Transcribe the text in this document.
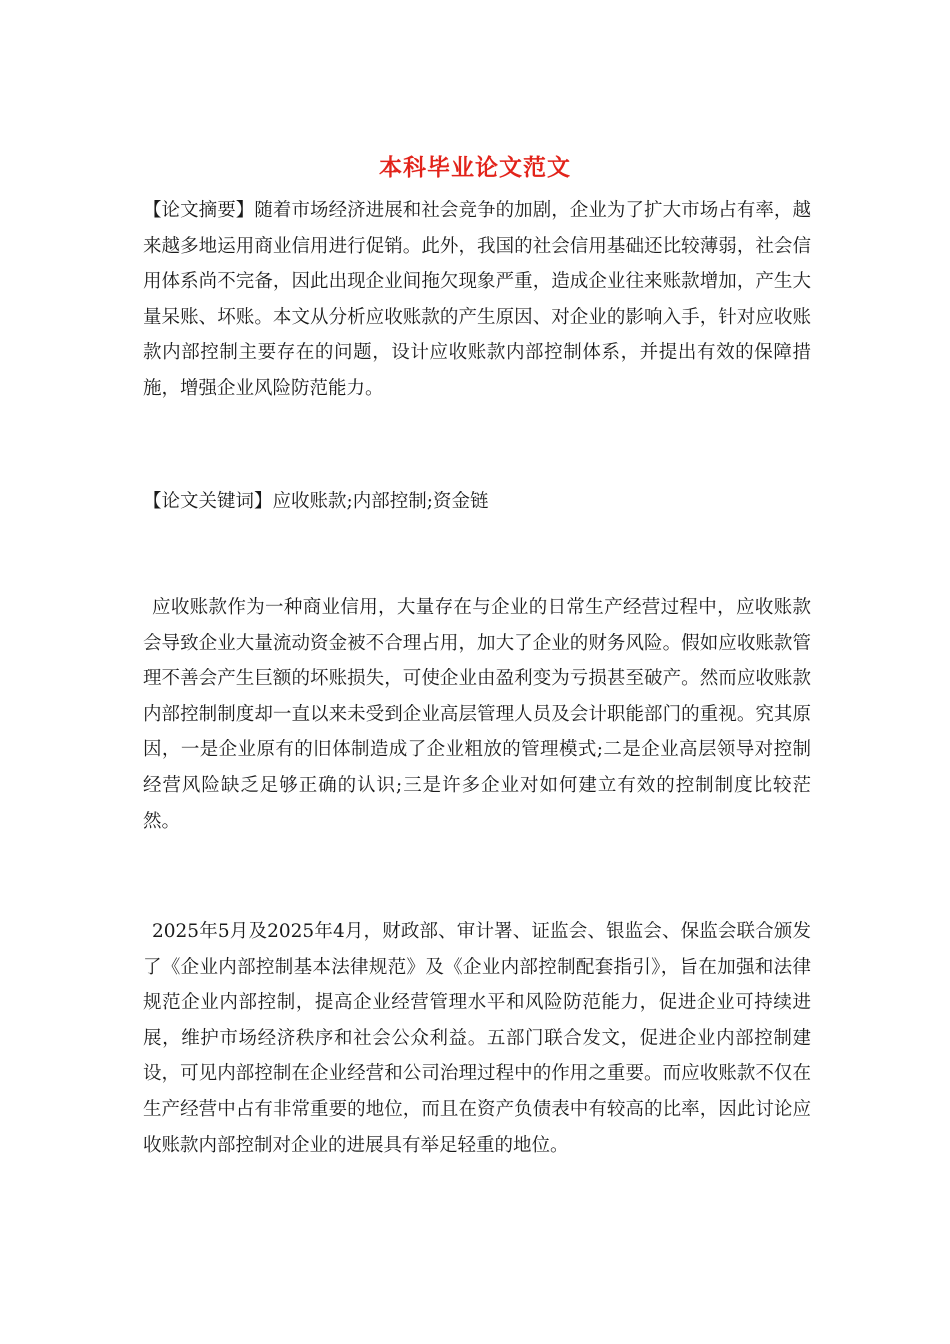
本科毕业论文范文
【论文摘要】随着市场经济进展和社会竞争的加剧，企业为了扩大市场占有率，越来越多地运用商业信用进行促销。此外，我国的社会信用基础还比较薄弱，社会信用体系尚不完备，因此出现企业间拖欠现象严重，造成企业往来账款增加，产生大量呆账、坏账。本文从分析应收账款的产生原因、对企业的影响入手，针对应收账款内部控制主要存在的问题，设计应收账款内部控制体系，并提出有效的保障措施，增强企业风险防范能力。
【论文关键词】应收账款;内部控制;资金链
应收账款作为一种商业信用，大量存在与企业的日常生产经营过程中，应收账款会导致企业大量流动资金被不合理占用，加大了企业的财务风险。假如应收账款管理不善会产生巨额的坏账损失，可使企业由盈利变为亏损甚至破产。然而应收账款内部控制制度却一直以来未受到企业高层管理人员及会计职能部门的重视。究其原因，一是企业原有的旧体制造成了企业粗放的管理模式;二是企业高层领导对控制经营风险缺乏足够正确的认识;三是许多企业对如何建立有效的控制制度比较茫然。
2025年5月及2025年4月，财政部、审计署、证监会、银监会、保监会联合颁发了《企业内部控制基本法律规范》及《企业内部控制配套指引》，旨在加强和法律规范企业内部控制，提高企业经营管理水平和风险防范能力，促进企业可持续进展，维护市场经济秩序和社会公众利益。五部门联合发文，促进企业内部控制建设，可见内部控制在企业经营和公司治理过程中的作用之重要。而应收账款不仅在生产经营中占有非常重要的地位，而且在资产负债表中有较高的比率，因此讨论应收账款内部控制对企业的进展具有举足轻重的地位。
